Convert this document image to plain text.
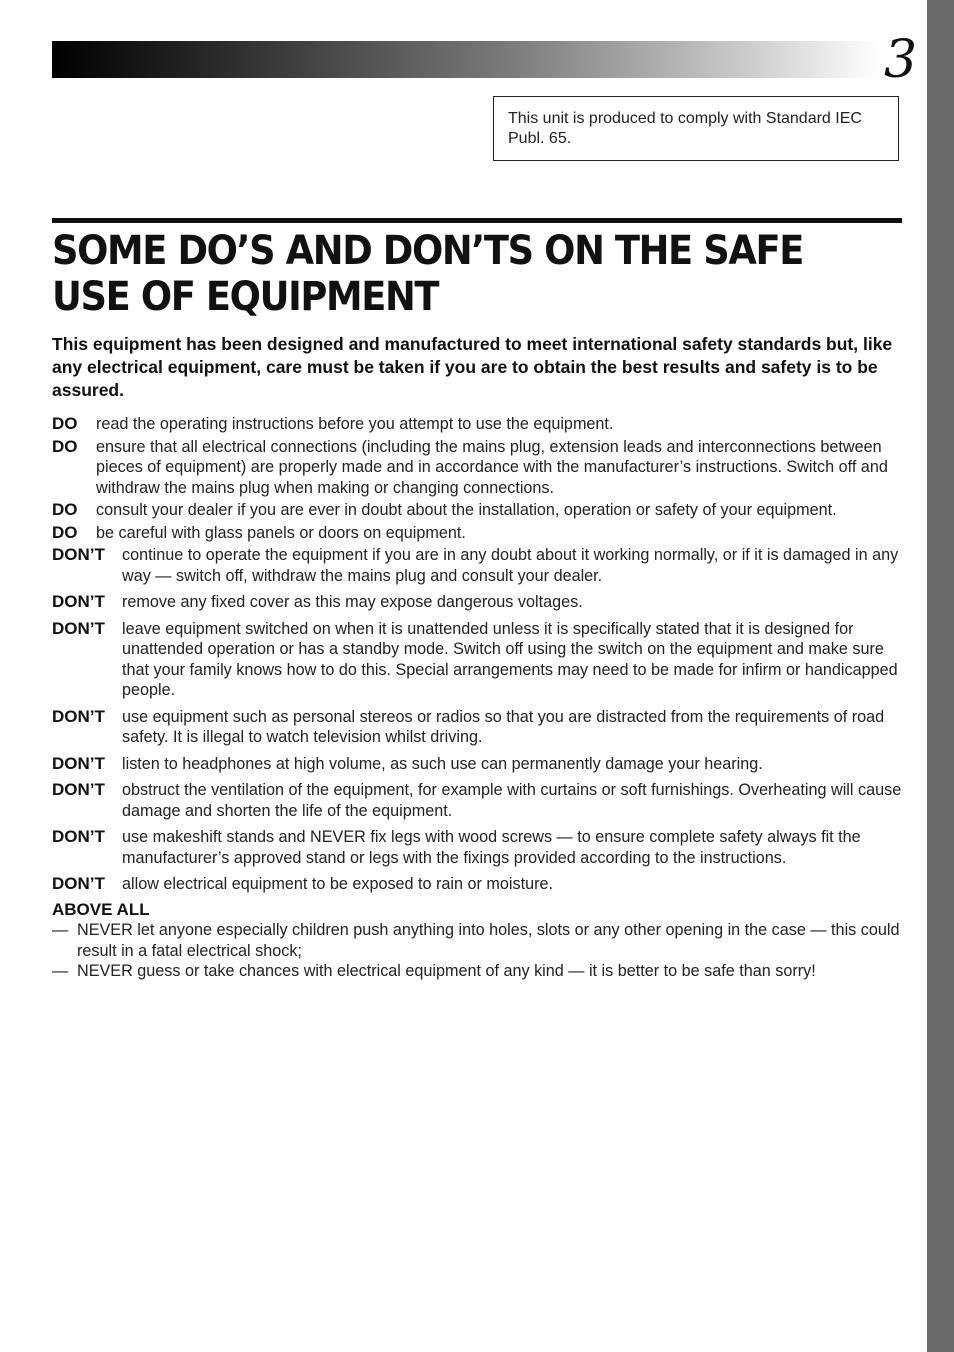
3
This unit is produced to comply with Standard IEC Publ. 65.
SOME DO’S AND DON’TS ON THE SAFE USE OF EQUIPMENT
This equipment has been designed and manufactured to meet international safety standards but, like any electrical equipment, care must be taken if you are to obtain the best results and safety is to be assured.
DO	read the operating instructions before you attempt to use the equipment.
DO	ensure that all electrical connections (including the mains plug, extension leads and interconnections between pieces of equipment) are properly made and in accordance with the manufacturer’s instructions. Switch off and withdraw the mains plug when making or changing connections.
DO	consult your dealer if you are ever in doubt about the installation, operation or safety of your equipment.
DO	be careful with glass panels or doors on equipment.
DON’T	continue to operate the equipment if you are in any doubt about it working normally, or if it is damaged in any way — switch off, withdraw the mains plug and consult your dealer.
DON’T	remove any fixed cover as this may expose dangerous voltages.
DON’T	leave equipment switched on when it is unattended unless it is specifically stated that it is designed for unattended operation or has a standby mode. Switch off using the switch on the equipment and make sure that your family knows how to do this. Special arrangements may need to be made for infirm or handicapped people.
DON’T	use equipment such as personal stereos or radios so that you are distracted from the requirements of road safety. It is illegal to watch television whilst driving.
DON’T	listen to headphones at high volume, as such use can permanently damage your hearing.
DON’T	obstruct the ventilation of the equipment, for example with curtains or soft furnishings. Overheating will cause damage and shorten the life of the equipment.
DON’T	use makeshift stands and NEVER fix legs with wood screws — to ensure complete safety always fit the manufacturer’s approved stand or legs with the fixings provided according to the instructions.
DON’T	allow electrical equipment to be exposed to rain or moisture.
ABOVE ALL
— NEVER let anyone especially children push anything into holes, slots or any other opening in the case — this could result in a fatal electrical shock;
— NEVER guess or take chances with electrical equipment of any kind — it is better to be safe than sorry!
